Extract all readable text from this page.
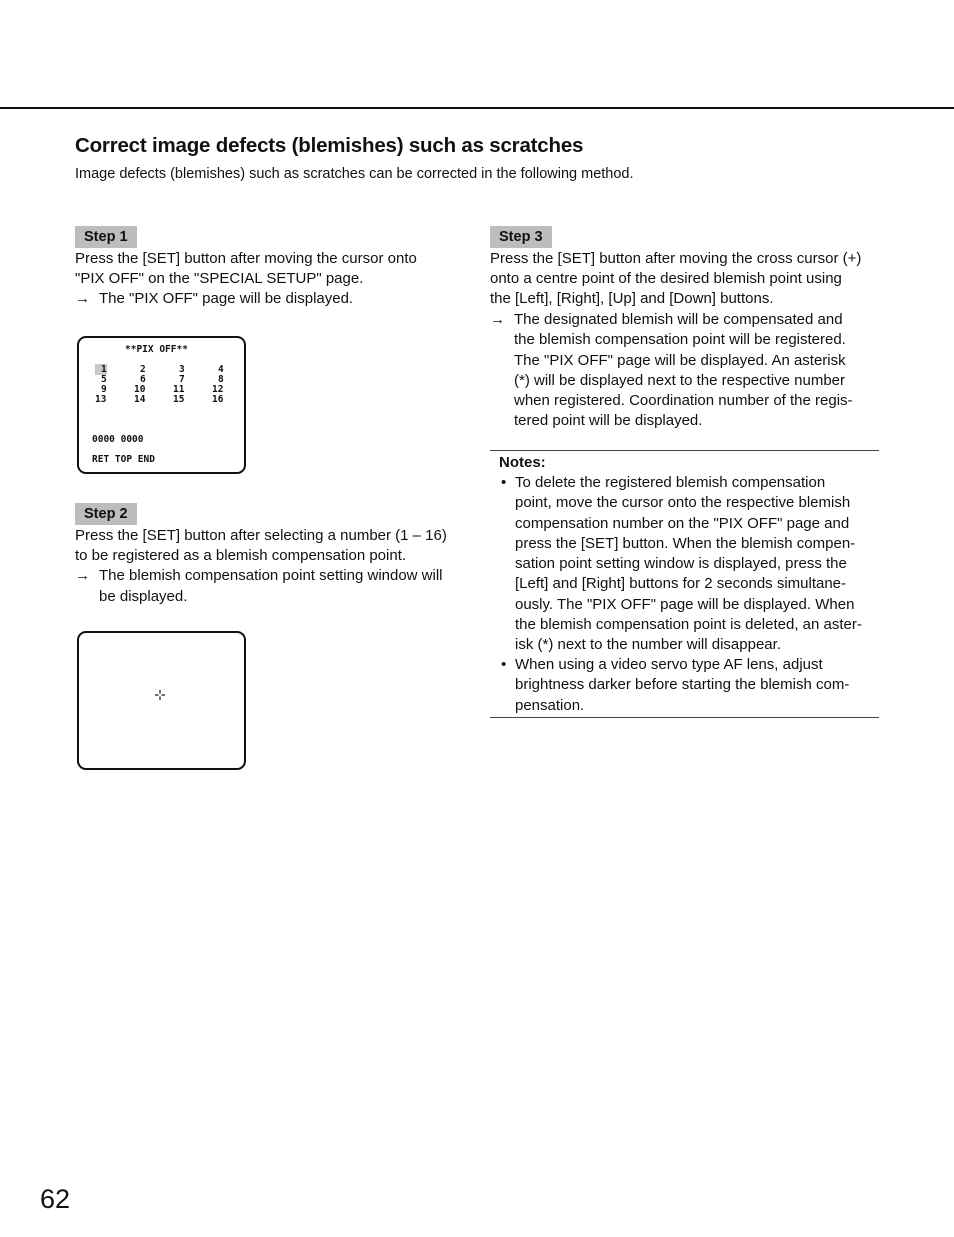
Correct image defects (blemishes) such as scratches

Image defects (blemishes) such as scratches can be corrected in the following method.

Step 1
Press the [SET] button after moving the cursor onto
"PIX OFF" on the "SPECIAL SETUP" page.
→ The "PIX OFF" page will be displayed.
**PIX OFF**
1	2	3	4
5	6	7	8
9	10	11	12
13	14	15	16
0000 0000
RET TOP END
Step 2
Press the [SET] button after selecting a number (1 – 16)
to be registered as a blemish compensation point.
→ The blemish compensation point setting window will
be displayed.
Step 3
Press the [SET] button after moving the cross cursor (+)
onto a centre point of the desired blemish point using
the [Left], [Right], [Up] and [Down] buttons.
→ The designated blemish will be compensated and
the blemish compensation point will be registered.
The "PIX OFF" page will be displayed. An asterisk
(*) will be displayed next to the respective number
when registered. Coordination number of the regis-
tered point will be displayed.
Notes:
• To delete the registered blemish compensation
point, move the cursor onto the respective blemish
compensation number on the "PIX OFF" page and
press the [SET] button. When the blemish compen-
sation point setting window is displayed, press the
[Left] and [Right] buttons for 2 seconds simultane-
ously. The "PIX OFF" page will be displayed. When
the blemish compensation point is deleted, an aster-
isk (*) next to the number will disappear.
• When using a video servo type AF lens, adjust
brightness darker before starting the blemish com-
pensation.
62
